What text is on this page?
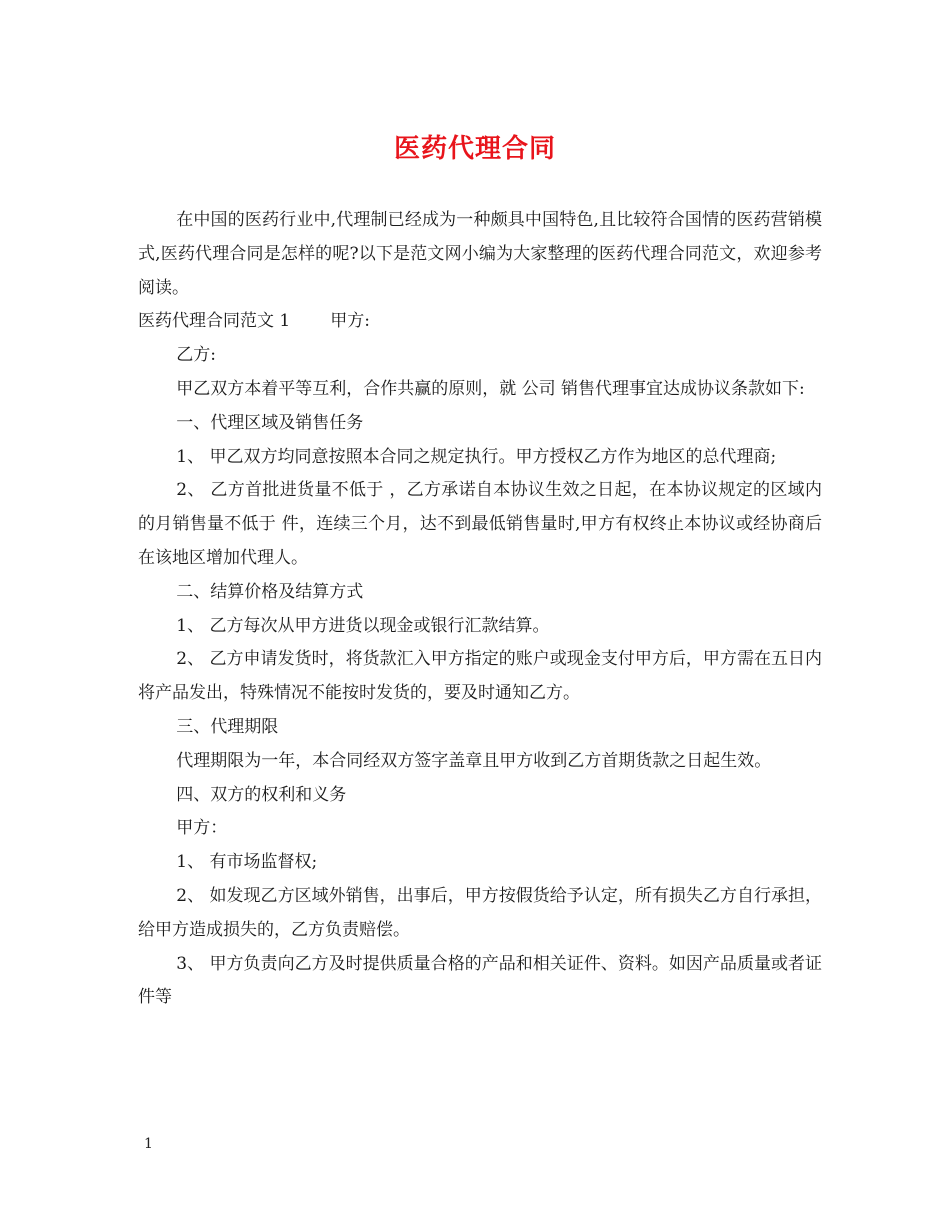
医药代理合同

在中国的医药行业中,代理制已经成为一种颇具中国特色,且比较符合国情的医药营销模式,医药代理合同是怎样的呢?以下是范文网小编为大家整理的医药代理合同范文，欢迎参考阅读。

医药代理合同范文 1 甲方:

乙方:

甲乙双方本着平等互利，合作共赢的原则，就 公司 销售代理事宜达成协议条款如下:

一、代理区域及销售任务

1、 甲乙双方均同意按照本合同之规定执行。甲方授权乙方作为地区的总代理商;

2、 乙方首批进货量不低于 ，乙方承诺自本协议生效之日起，在本协议规定的区域内的月销售量不低于 件，连续三个月，达不到最低销售量时,甲方有权终止本协议或经协商后在该地区增加代理人。

二、结算价格及结算方式

1、 乙方每次从甲方进货以现金或银行汇款结算。

2、 乙方申请发货时，将货款汇入甲方指定的账户或现金支付甲方后，甲方需在五日内将产品发出，特殊情况不能按时发货的，要及时通知乙方。

三、代理期限

代理期限为一年，本合同经双方签字盖章且甲方收到乙方首期货款之日起生效。

四、双方的权利和义务

甲方：

1、 有市场监督权;

2、 如发现乙方区域外销售，出事后，甲方按假货给予认定，所有损失乙方自行承担，给甲方造成损失的，乙方负责赔偿。

3、 甲方负责向乙方及时提供质量合格的产品和相关证件、资料。如因产品质量或者证件等

1
